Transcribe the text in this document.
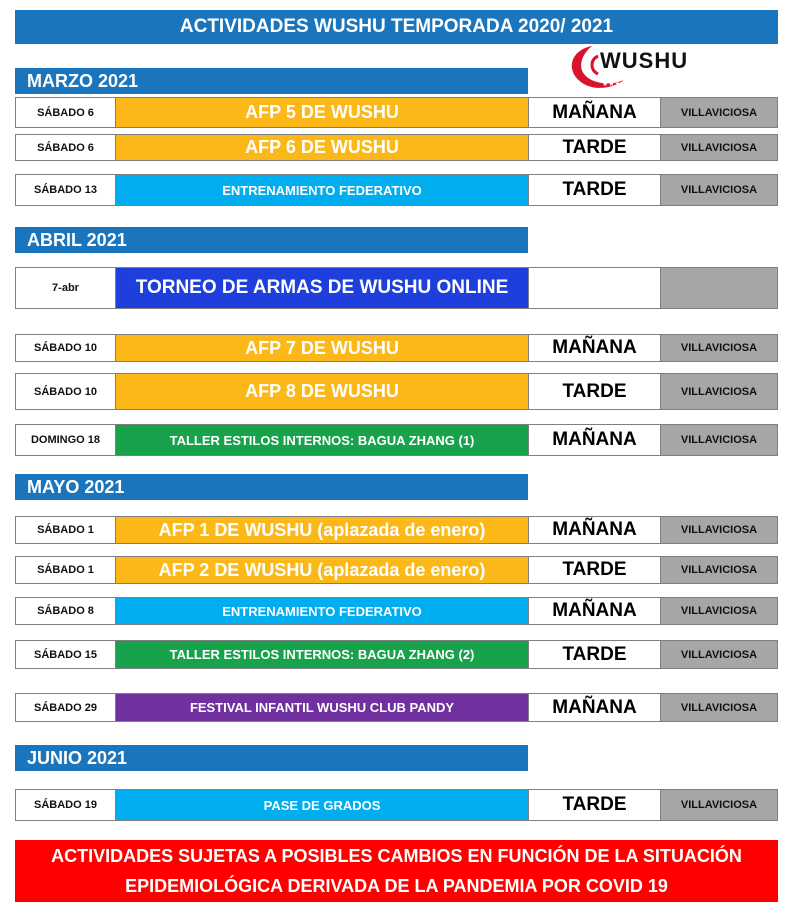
ACTIVIDADES WUSHU TEMPORADA 2020/ 2021
★★★
WUSHU
MARZO 2021
ABRIL 2021
MAYO 2021
JUNIO 2021
SÁBADO 6	AFP 5 DE WUSHU	MAÑANA	VILLAVICIOSA
SÁBADO 6	AFP 6 DE WUSHU	TARDE	VILLAVICIOSA
SÁBADO 13	ENTRENAMIENTO FEDERATIVO	TARDE	VILLAVICIOSA
7-abr	TORNEO DE ARMAS DE WUSHU ONLINE
SÁBADO 10	AFP 7 DE WUSHU	MAÑANA	VILLAVICIOSA
SÁBADO 10	AFP 8 DE WUSHU	TARDE	VILLAVICIOSA
DOMINGO 18	TALLER ESTILOS INTERNOS: BAGUA ZHANG (1)	MAÑANA	VILLAVICIOSA
SÁBADO 1	AFP 1 DE WUSHU (aplazada de enero)	MAÑANA	VILLAVICIOSA
SÁBADO 1	AFP 2 DE WUSHU (aplazada de enero)	TARDE	VILLAVICIOSA
SÁBADO 8	ENTRENAMIENTO FEDERATIVO	MAÑANA	VILLAVICIOSA
SÁBADO 15	TALLER ESTILOS INTERNOS: BAGUA ZHANG (2)	TARDE	VILLAVICIOSA
SÁBADO 29	FESTIVAL INFANTIL WUSHU CLUB PANDY	MAÑANA	VILLAVICIOSA
SÁBADO 19	PASE DE GRADOS	TARDE	VILLAVICIOSA
ACTIVIDADES SUJETAS A POSIBLES CAMBIOS EN FUNCIÓN DE LA SITUACIÓN
EPIDEMIOLÓGICA DERIVADA DE LA PANDEMIA POR COVID 19
